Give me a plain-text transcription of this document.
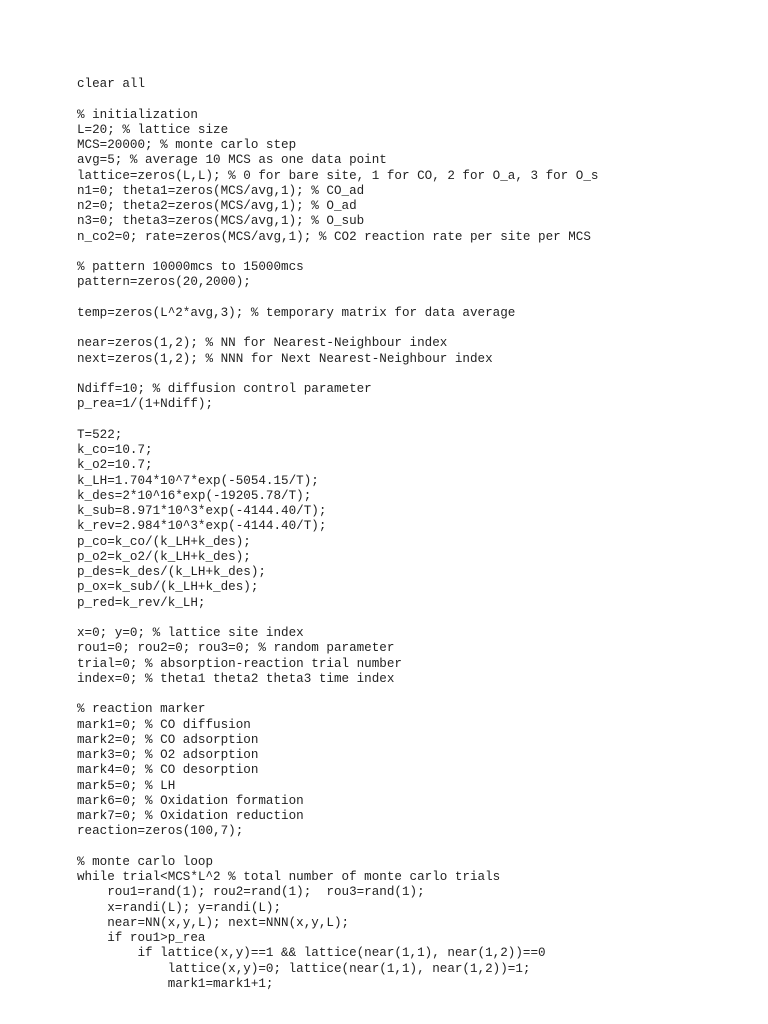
clear all
% initialization
L=20; % lattice size
MCS=20000; % monte carlo step
avg=5; % average 10 MCS as one data point
lattice=zeros(L,L); % 0 for bare site, 1 for CO, 2 for O_a, 3 for O_s
n1=0; theta1=zeros(MCS/avg,1); % CO_ad
n2=0; theta2=zeros(MCS/avg,1); % O_ad
n3=0; theta3=zeros(MCS/avg,1); % O_sub
n_co2=0; rate=zeros(MCS/avg,1); % CO2 reaction rate per site per MCS
% pattern 10000mcs to 15000mcs
pattern=zeros(20,2000);
temp=zeros(L^2*avg,3); % temporary matrix for data average
near=zeros(1,2); % NN for Nearest-Neighbour index
next=zeros(1,2); % NNN for Next Nearest-Neighbour index
Ndiff=10; % diffusion control parameter
p_rea=1/(1+Ndiff);
T=522;
k_co=10.7;
k_o2=10.7;
k_LH=1.704*10^7*exp(-5054.15/T);
k_des=2*10^16*exp(-19205.78/T);
k_sub=8.971*10^3*exp(-4144.40/T);
k_rev=2.984*10^3*exp(-4144.40/T);
p_co=k_co/(k_LH+k_des);
p_o2=k_o2/(k_LH+k_des);
p_des=k_des/(k_LH+k_des);
p_ox=k_sub/(k_LH+k_des);
p_red=k_rev/k_LH;
x=0; y=0; % lattice site index
rou1=0; rou2=0; rou3=0; % random parameter
trial=0; % absorption-reaction trial number
index=0; % theta1 theta2 theta3 time index
% reaction marker
mark1=0; % CO diffusion
mark2=0; % CO adsorption
mark3=0; % O2 adsorption
mark4=0; % CO desorption
mark5=0; % LH
mark6=0; % Oxidation formation
mark7=0; % Oxidation reduction
reaction=zeros(100,7);
% monte carlo loop
while trial<MCS*L^2 % total number of monte carlo trials
rou1=rand(1); rou2=rand(1);  rou3=rand(1);
x=randi(L); y=randi(L);
near=NN(x,y,L); next=NNN(x,y,L);
if rou1>p_rea
if lattice(x,y)==1 && lattice(near(1,1), near(1,2))==0
lattice(x,y)=0; lattice(near(1,1), near(1,2))=1;
mark1=mark1+1;
